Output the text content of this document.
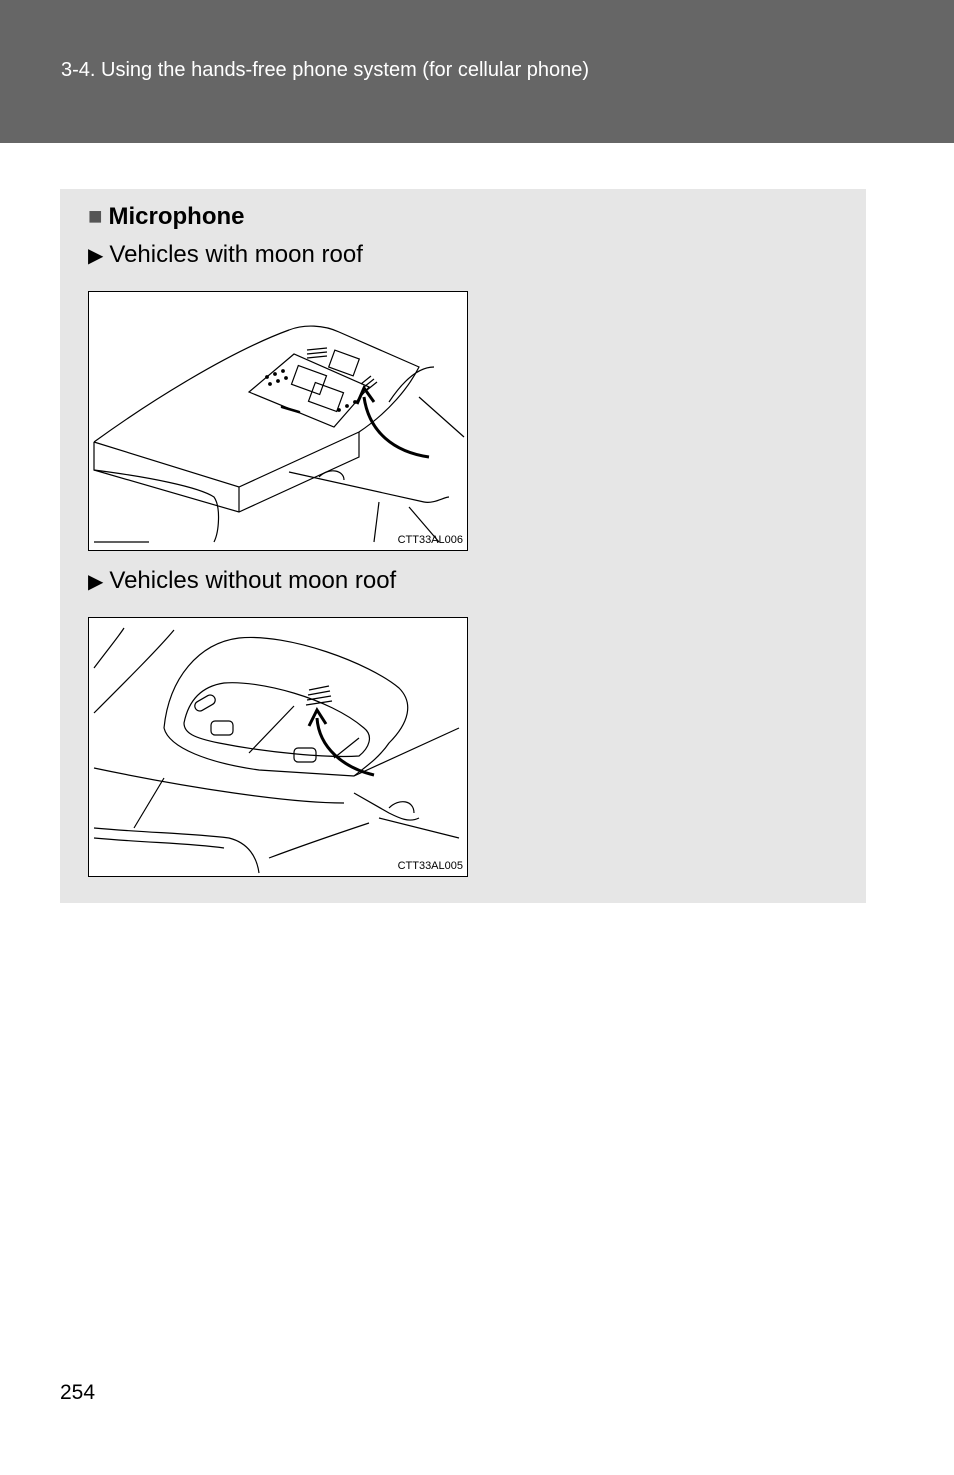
3-4. Using the hands-free phone system (for cellular phone)
■ Microphone
▶ Vehicles with moon roof
CTT33AL006
▶ Vehicles without moon roof
CTT33AL005
254
